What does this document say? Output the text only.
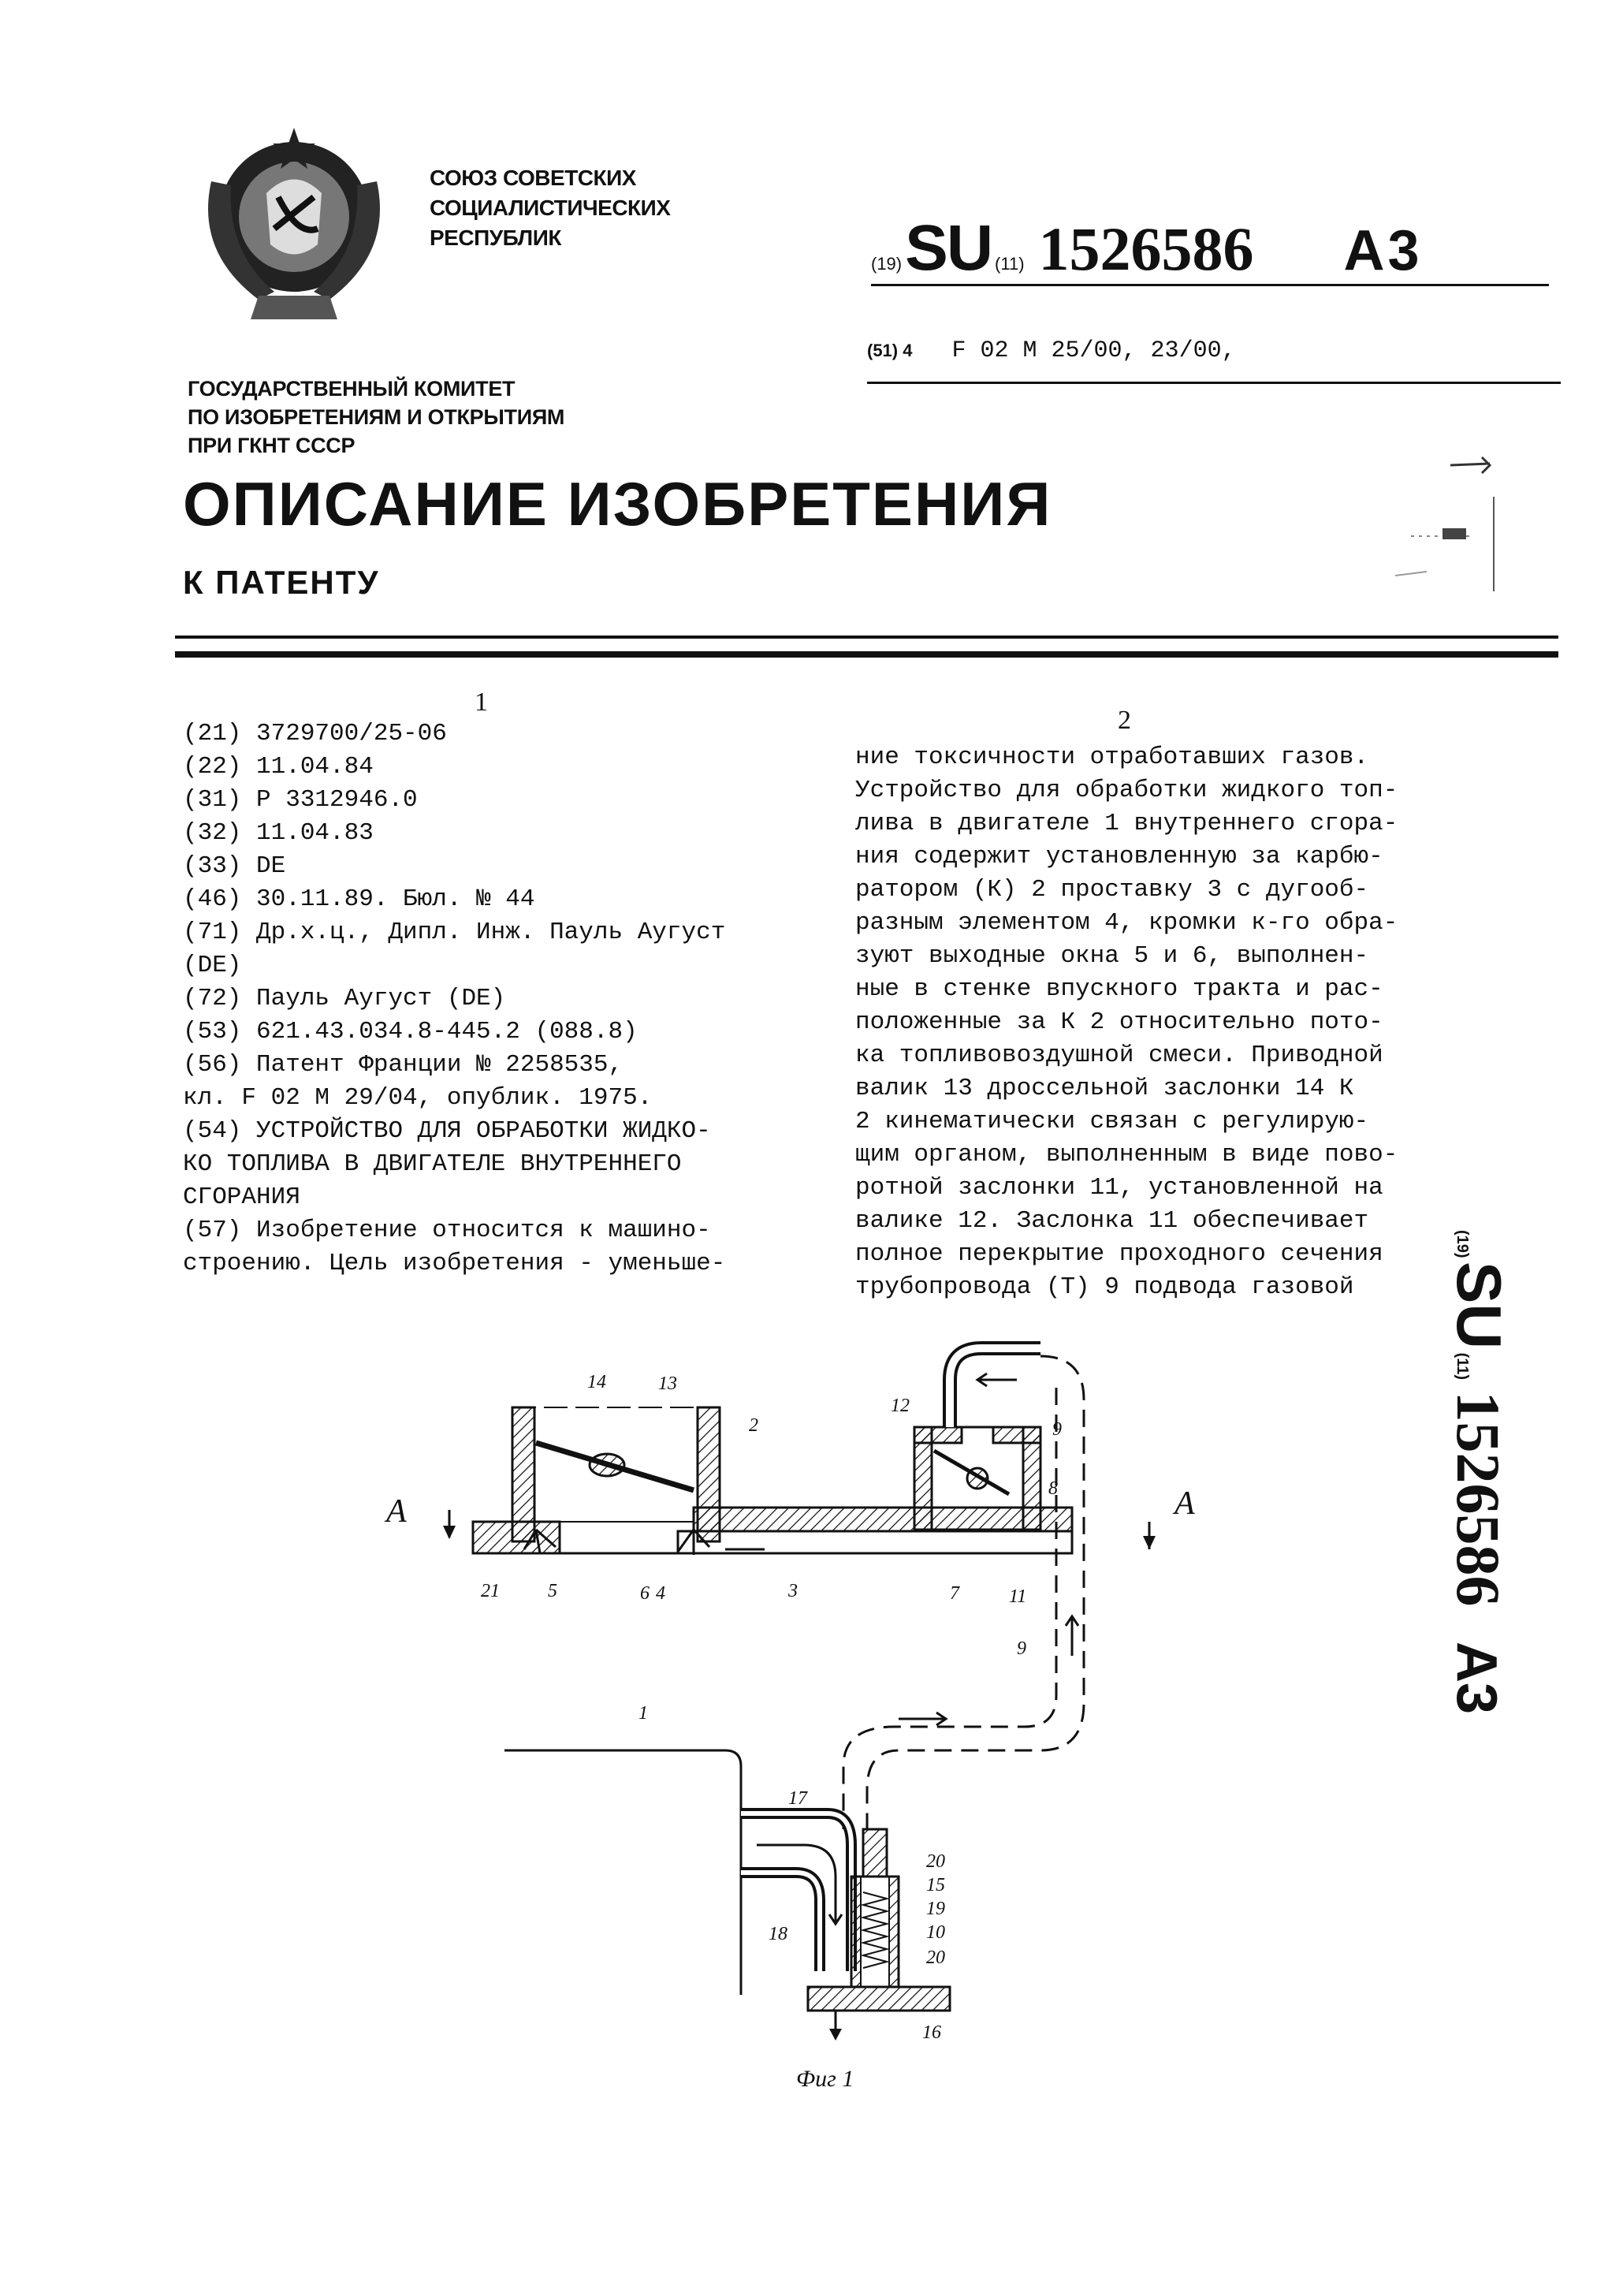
СОЮЗ СОВЕТСКИХ
СОЦИАЛИСТИЧЕСКИХ
РЕСПУБЛИК
(19) SU (11) 1526586 A3
(51) 4 F 02 M 25/00, 23/00,
ГОСУДАРСТВЕННЫЙ КОМИТЕТ
ПО ИЗОБРЕТЕНИЯМ И ОТКРЫТИЯМ
ПРИ ГКНТ СССР
ОПИСАНИЕ ИЗОБРЕТЕНИЯ
К ПАТЕНТУ
1
2
(21) 3729700/25-06
(22) 11.04.84
(31) P 3312946.0
(32) 11.04.83
(33) DE
(46) 30.11.89. Бюл. № 44
(71) Др.х.ц., Дипл. Инж. Пауль Аугуст
(DE)
(72) Пауль Аугуст (DE)
(53) 621.43.034.8-445.2 (088.8)
(56) Патент Франции № 2258535,
кл. F 02 M 29/04, опублик. 1975.
(54) УСТРОЙСТВО ДЛЯ ОБРАБОТКИ ЖИДКО-
КО ТОПЛИВА В ДВИГАТЕЛЕ ВНУТРЕННЕГО
СГОРАНИЯ
(57) Изобретение относится к машино-
строению. Цель изобретения - уменьше-
ние токсичности отработавших газов.
Устройство для обработки жидкого топ-
лива в двигателе 1 внутреннего сгора-
ния содержит установленную за карбю-
ратором (К) 2 проставку 3 с дугооб-
разным элементом 4, кромки к-го обра-
зуют выходные окна 5 и 6, выполнен-
ные в стенке впускного тракта и рас-
положенные за К 2 относительно пото-
ка топливовоздушной смеси. Приводной
валик 13 дроссельной заслонки 14 К
2 кинематически связан с регулирую-
щим органом, выполненным в виде пово-
ротной заслонки 11, установленной на
валике 12. Заслонка 11 обеспечивает
полное перекрытие проходного сечения
трубопровода (Т) 9 подвода газовой
(19) SU (11) 1526586 A3
14	13
2
12
9
8
21	5	6 4	3	7	11
9
1
17
20
15
19
10
18
20
16
A	A
Фиг 1
